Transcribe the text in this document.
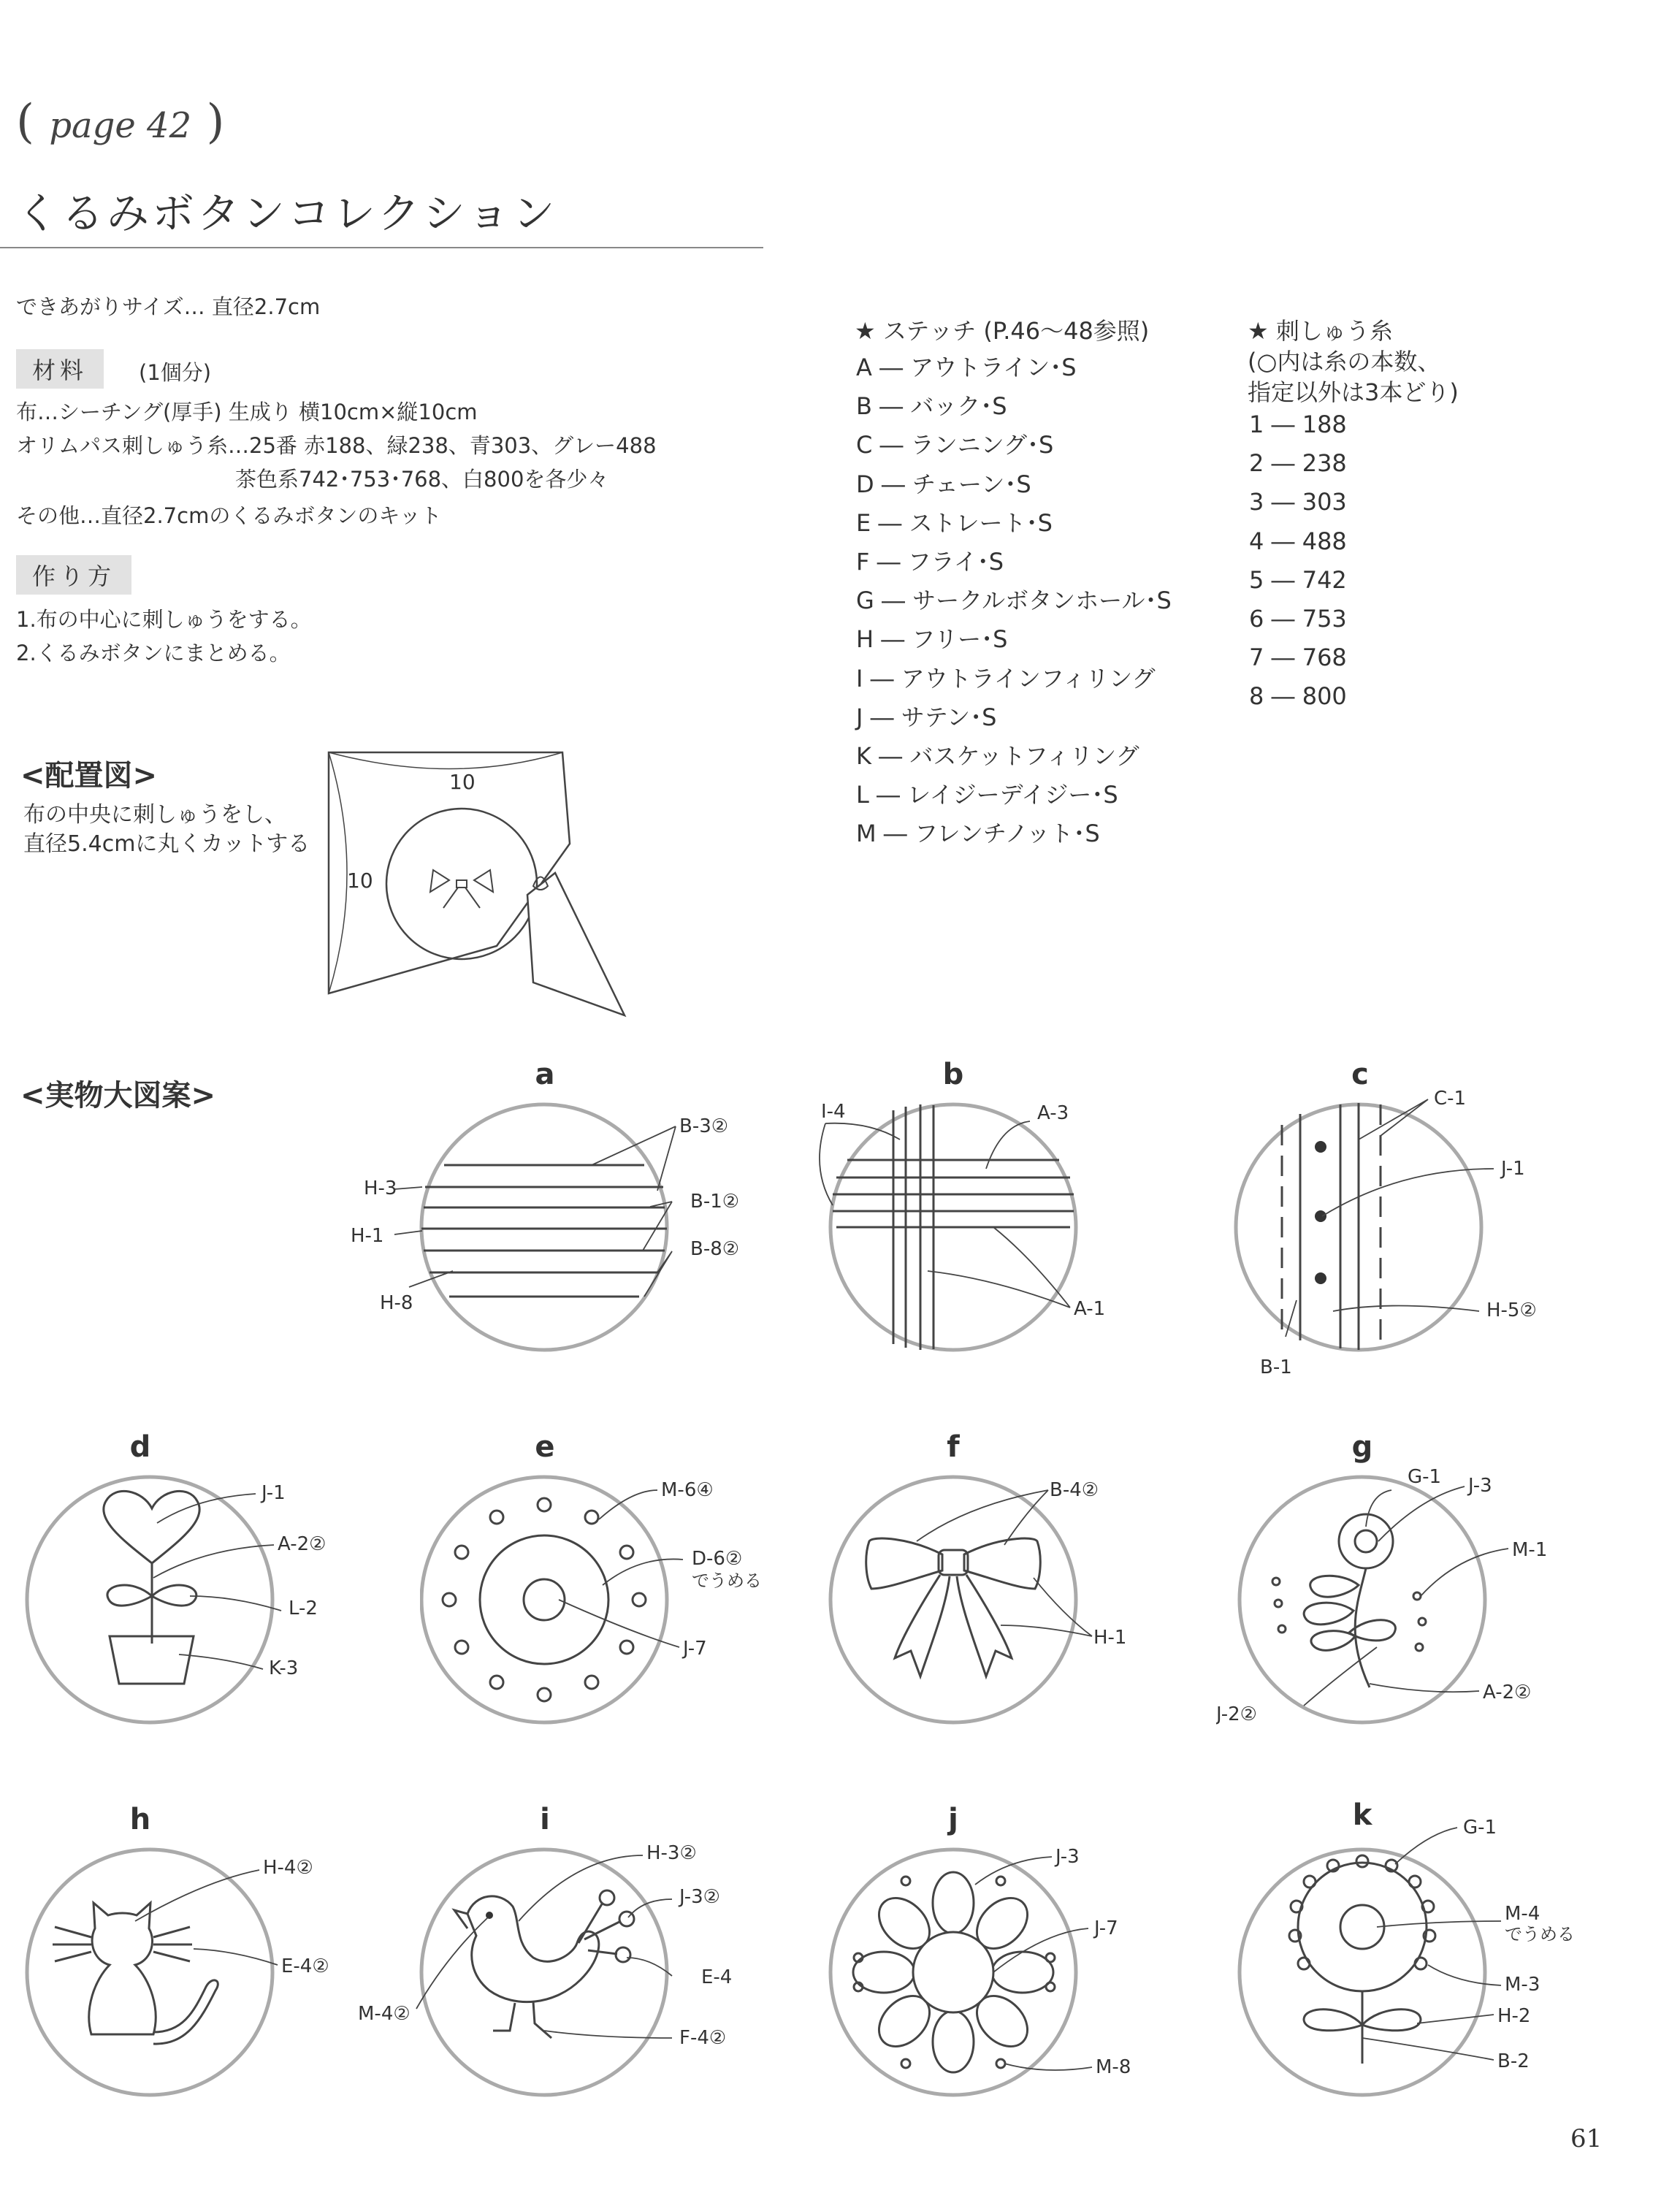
( page 42 )
くるみボタンコレクション
できあがりサイズ… 直径2.7cm
材料	(1個分)
布…シーチング(厚手) 生成り 横10cm×縦10cm
オリムパス刺しゅう糸…25番 赤188、緑238、青303、グレー488
茶色系742･753･768、白800を各少々
その他…直径2.7cmのくるみボタンのキット
作り方
1.布の中心に刺しゅうをする。
2.くるみボタンにまとめる。
★ ステッチ (P.46〜48参照)
A ― アウトライン･S
B ― バック･S
C ― ランニング･S
D ― チェーン･S
E ― ストレート･S
F ― フライ･S
G ― サークルボタンホール･S
H ― フリー･S
I ― アウトラインフィリング
J ― サテン･S
K ― バスケットフィリング
L ― レイジーデイジー･S
M ― フレンチノット･S
★ 刺しゅう糸
(○内は糸の本数、
指定以外は3本どり)
1 ― 188
2 ― 238
3 ― 303
4 ― 488
5 ― 742
6 ― 753
7 ― 768
8 ― 800
<配置図>
布の中央に刺しゅうをし、
直径5.4cmに丸くカットする
10
10
<実物大図案>
a
B-3②
H-3
B-1②
H-1
B-8②
H-8
b
I-4	A-3
A-1
c
C-1
J-1
H-5②
B-1
d
J-1
A-2②
L-2
K-3
e
M-6④
D-6②
でうめる
J-7
f
B-4②
H-1
g
G-1 J-3
M-1
J-2②
A-2②
h
H-4②
E-4②
i
H-3②
J-3②
E-4
M-4②
F-4②
j
J-3
J-7
M-8
k	G-1
M-4
でうめる
M-3
H-2
B-2
61
